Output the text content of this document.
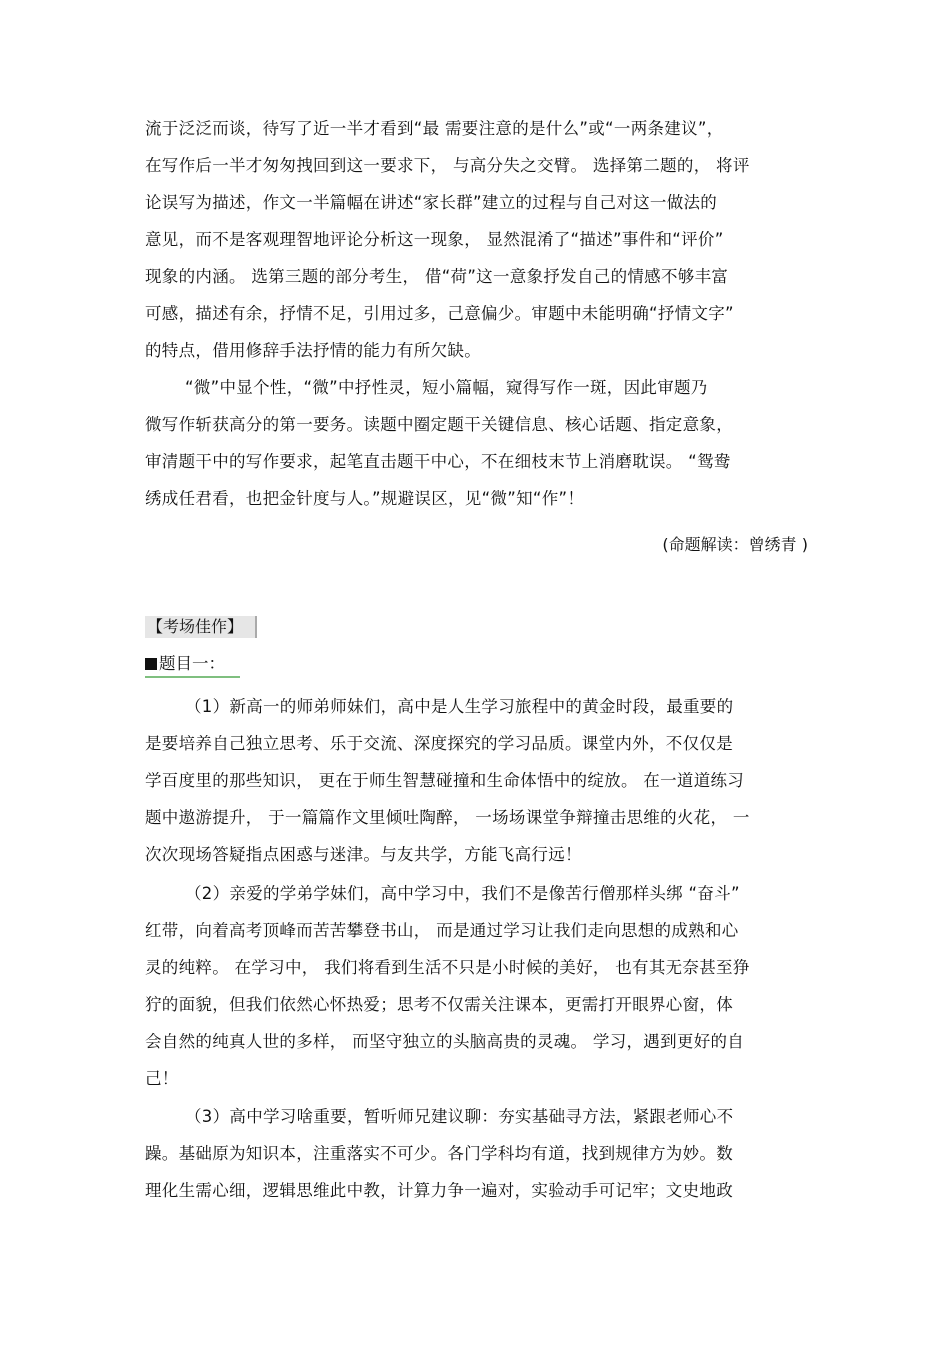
流于泛泛而谈，待写了近一半才看到“最 需要注意的是什么”或“一两条建议”，
在写作后一半才匆匆拽回到这一要求下， 与高分失之交臂。 选择第二题的， 将评
论误写为描述，作文一半篇幅在讲述“家长群”建立的过程与自己对这一做法的
意见，而不是客观理智地评论分析这一现象， 显然混淆了“描述”事件和“评价”
现象的内涵。 选第三题的部分考生， 借“荷”这一意象抒发自己的情感不够丰富
可感，描述有余，抒情不足，引用过多，己意偏少。审题中未能明确“抒情文字”
的特点，借用修辞手法抒情的能力有所欠缺。
“微”中显个性，“微”中抒性灵，短小篇幅，窥得写作一斑，因此审题乃
微写作斩获高分的第一要务。读题中圈定题干关键信息、核心话题、指定意象，
审清题干中的写作要求，起笔直击题干中心，不在细枝末节上消磨耽误。 “鸳鸯
绣成任君看，也把金针度与人。”规避误区，见“微”知“作”！
(命题解读：曾绣青 )
【考场佳作】
题目一：
（1）新高一的师弟师妹们，高中是人生学习旅程中的黄金时段，最重要的
是要培养自己独立思考、乐于交流、深度探究的学习品质。课堂内外，不仅仅是
学百度里的那些知识， 更在于师生智慧碰撞和生命体悟中的绽放。 在一道道练习
题中遨游提升， 于一篇篇作文里倾吐陶醉， 一场场课堂争辩撞击思维的火花， 一
次次现场答疑指点困惑与迷津。与友共学，方能飞高行远！
（2）亲爱的学弟学妹们，高中学习中，我们不是像苦行僧那样头绑 “奋斗”
红带，向着高考顶峰而苦苦攀登书山， 而是通过学习让我们走向思想的成熟和心
灵的纯粹。 在学习中， 我们将看到生活不只是小时候的美好， 也有其无奈甚至狰
狞的面貌，但我们依然心怀热爱；思考不仅需关注课本，更需打开眼界心窗，体
会自然的纯真人世的多样， 而坚守独立的头脑高贵的灵魂。 学习，遇到更好的自
己！
（3）高中学习啥重要，暂听师兄建议聊：夯实基础寻方法，紧跟老师心不
躁。基础原为知识本，注重落实不可少。各门学科均有道，找到规律方为妙。数
理化生需心细，逻辑思维此中教，计算力争一遍对，实验动手可记牢；文史地政
